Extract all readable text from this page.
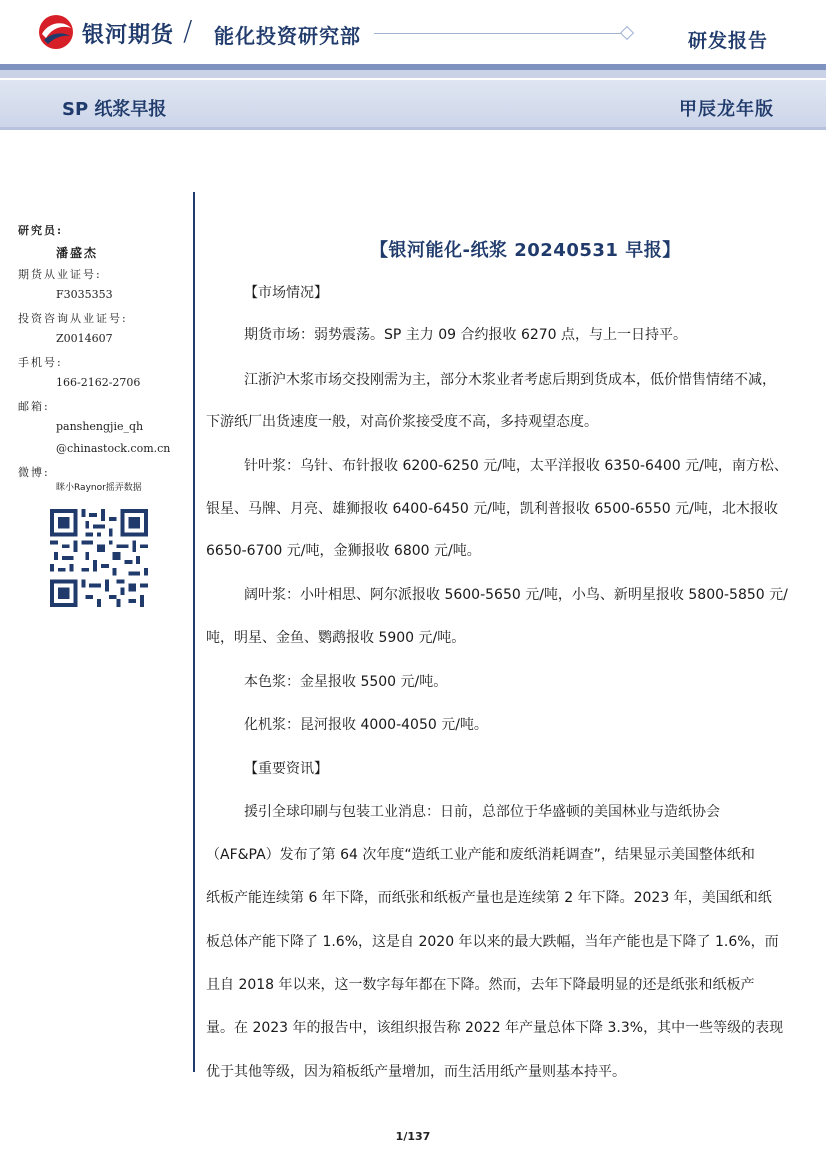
银河期货 / 能化投资研究部	研发报告
SP 纸浆早报	甲辰龙年版
研究员:
潘盛杰
期货从业证号:
F3035353
投资咨询从业证号:
Z0014607
手机号:
166-2162-2706
邮箱:
panshengjie_qh
@chinastock.com.cn
微博:
眯小Raynor摇弄数据
【银河能化-纸浆 20240531 早报】
【市场情况】
期货市场：弱势震荡。SP 主力 09 合约报收 6270 点，与上一日持平。
江浙沪木浆市场交投刚需为主，部分木浆业者考虑后期到货成本，低价惜售情绪不减，
下游纸厂出货速度一般，对高价浆接受度不高，多持观望态度。
针叶浆：乌针、布针报收 6200-6250 元/吨，太平洋报收 6350-6400 元/吨，南方松、
银星、马牌、月亮、雄狮报收 6400-6450 元/吨，凯利普报收 6500-6550 元/吨，北木报收
6650-6700 元/吨，金狮报收 6800 元/吨。
阔叶浆：小叶相思、阿尔派报收 5600-5650 元/吨，小鸟、新明星报收 5800-5850 元/
吨，明星、金鱼、鹦鹉报收 5900 元/吨。
本色浆：金星报收 5500 元/吨。
化机浆：昆河报收 4000-4050 元/吨。
【重要资讯】
援引全球印刷与包装工业消息：日前，总部位于华盛顿的美国林业与造纸协会
（AF&PA）发布了第 64 次年度“造纸工业产能和废纸消耗调查”，结果显示美国整体纸和
纸板产能连续第 6 年下降，而纸张和纸板产量也是连续第 2 年下降。2023 年，美国纸和纸
板总体产能下降了 1.6%，这是自 2020 年以来的最大跌幅，当年产能也是下降了 1.6%，而
且自 2018 年以来，这一数字每年都在下降。然而，去年下降最明显的还是纸张和纸板产
量。在 2023 年的报告中，该组织报告称 2022 年产量总体下降 3.3%，其中一些等级的表现
优于其他等级，因为箱板纸产量增加，而生活用纸产量则基本持平。
1/137
